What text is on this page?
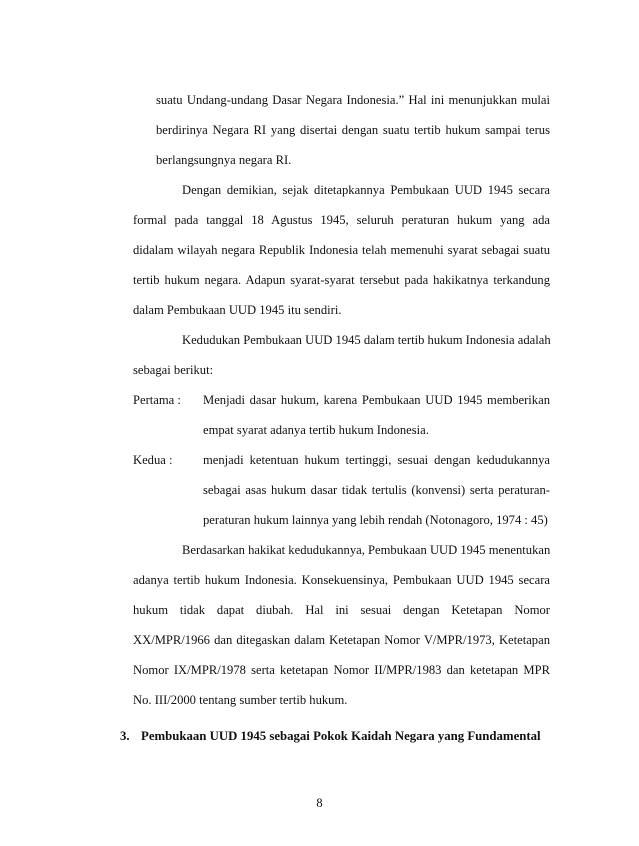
suatu Undang-undang Dasar Negara Indonesia.” Hal ini menunjukkan mulai
berdirinya Negara RI yang disertai dengan suatu tertib hukum sampai terus
berlangsungnya negara RI.
Dengan demikian, sejak ditetapkannya Pembukaan UUD 1945 secara
formal pada tanggal 18 Agustus 1945, seluruh peraturan hukum yang ada
didalam wilayah negara Republik Indonesia telah memenuhi syarat sebagai suatu
tertib hukum negara. Adapun syarat-syarat tersebut pada hakikatnya terkandung
dalam Pembukaan UUD 1945 itu sendiri.
Kedudukan Pembukaan UUD 1945 dalam tertib hukum Indonesia adalah
sebagai berikut:
Pertama : Menjadi dasar hukum, karena Pembukaan UUD 1945 memberikan
empat syarat adanya tertib hukum Indonesia.
Kedua : menjadi ketentuan hukum tertinggi, sesuai dengan kedudukannya
sebagai asas hukum dasar tidak tertulis (konvensi) serta peraturan-
peraturan hukum lainnya yang lebih rendah (Notonagoro, 1974 : 45)
Berdasarkan hakikat kedudukannya, Pembukaan UUD 1945 menentukan
adanya tertib hukum Indonesia. Konsekuensinya, Pembukaan UUD 1945 secara
hukum tidak dapat diubah. Hal ini sesuai dengan Ketetapan Nomor
XX/MPR/1966 dan ditegaskan dalam Ketetapan Nomor V/MPR/1973, Ketetapan
Nomor IX/MPR/1978 serta ketetapan Nomor II/MPR/1983 dan ketetapan MPR
No. III/2000 tentang sumber tertib hukum.
3. Pembukaan UUD 1945 sebagai Pokok Kaidah Negara yang Fundamental
8
